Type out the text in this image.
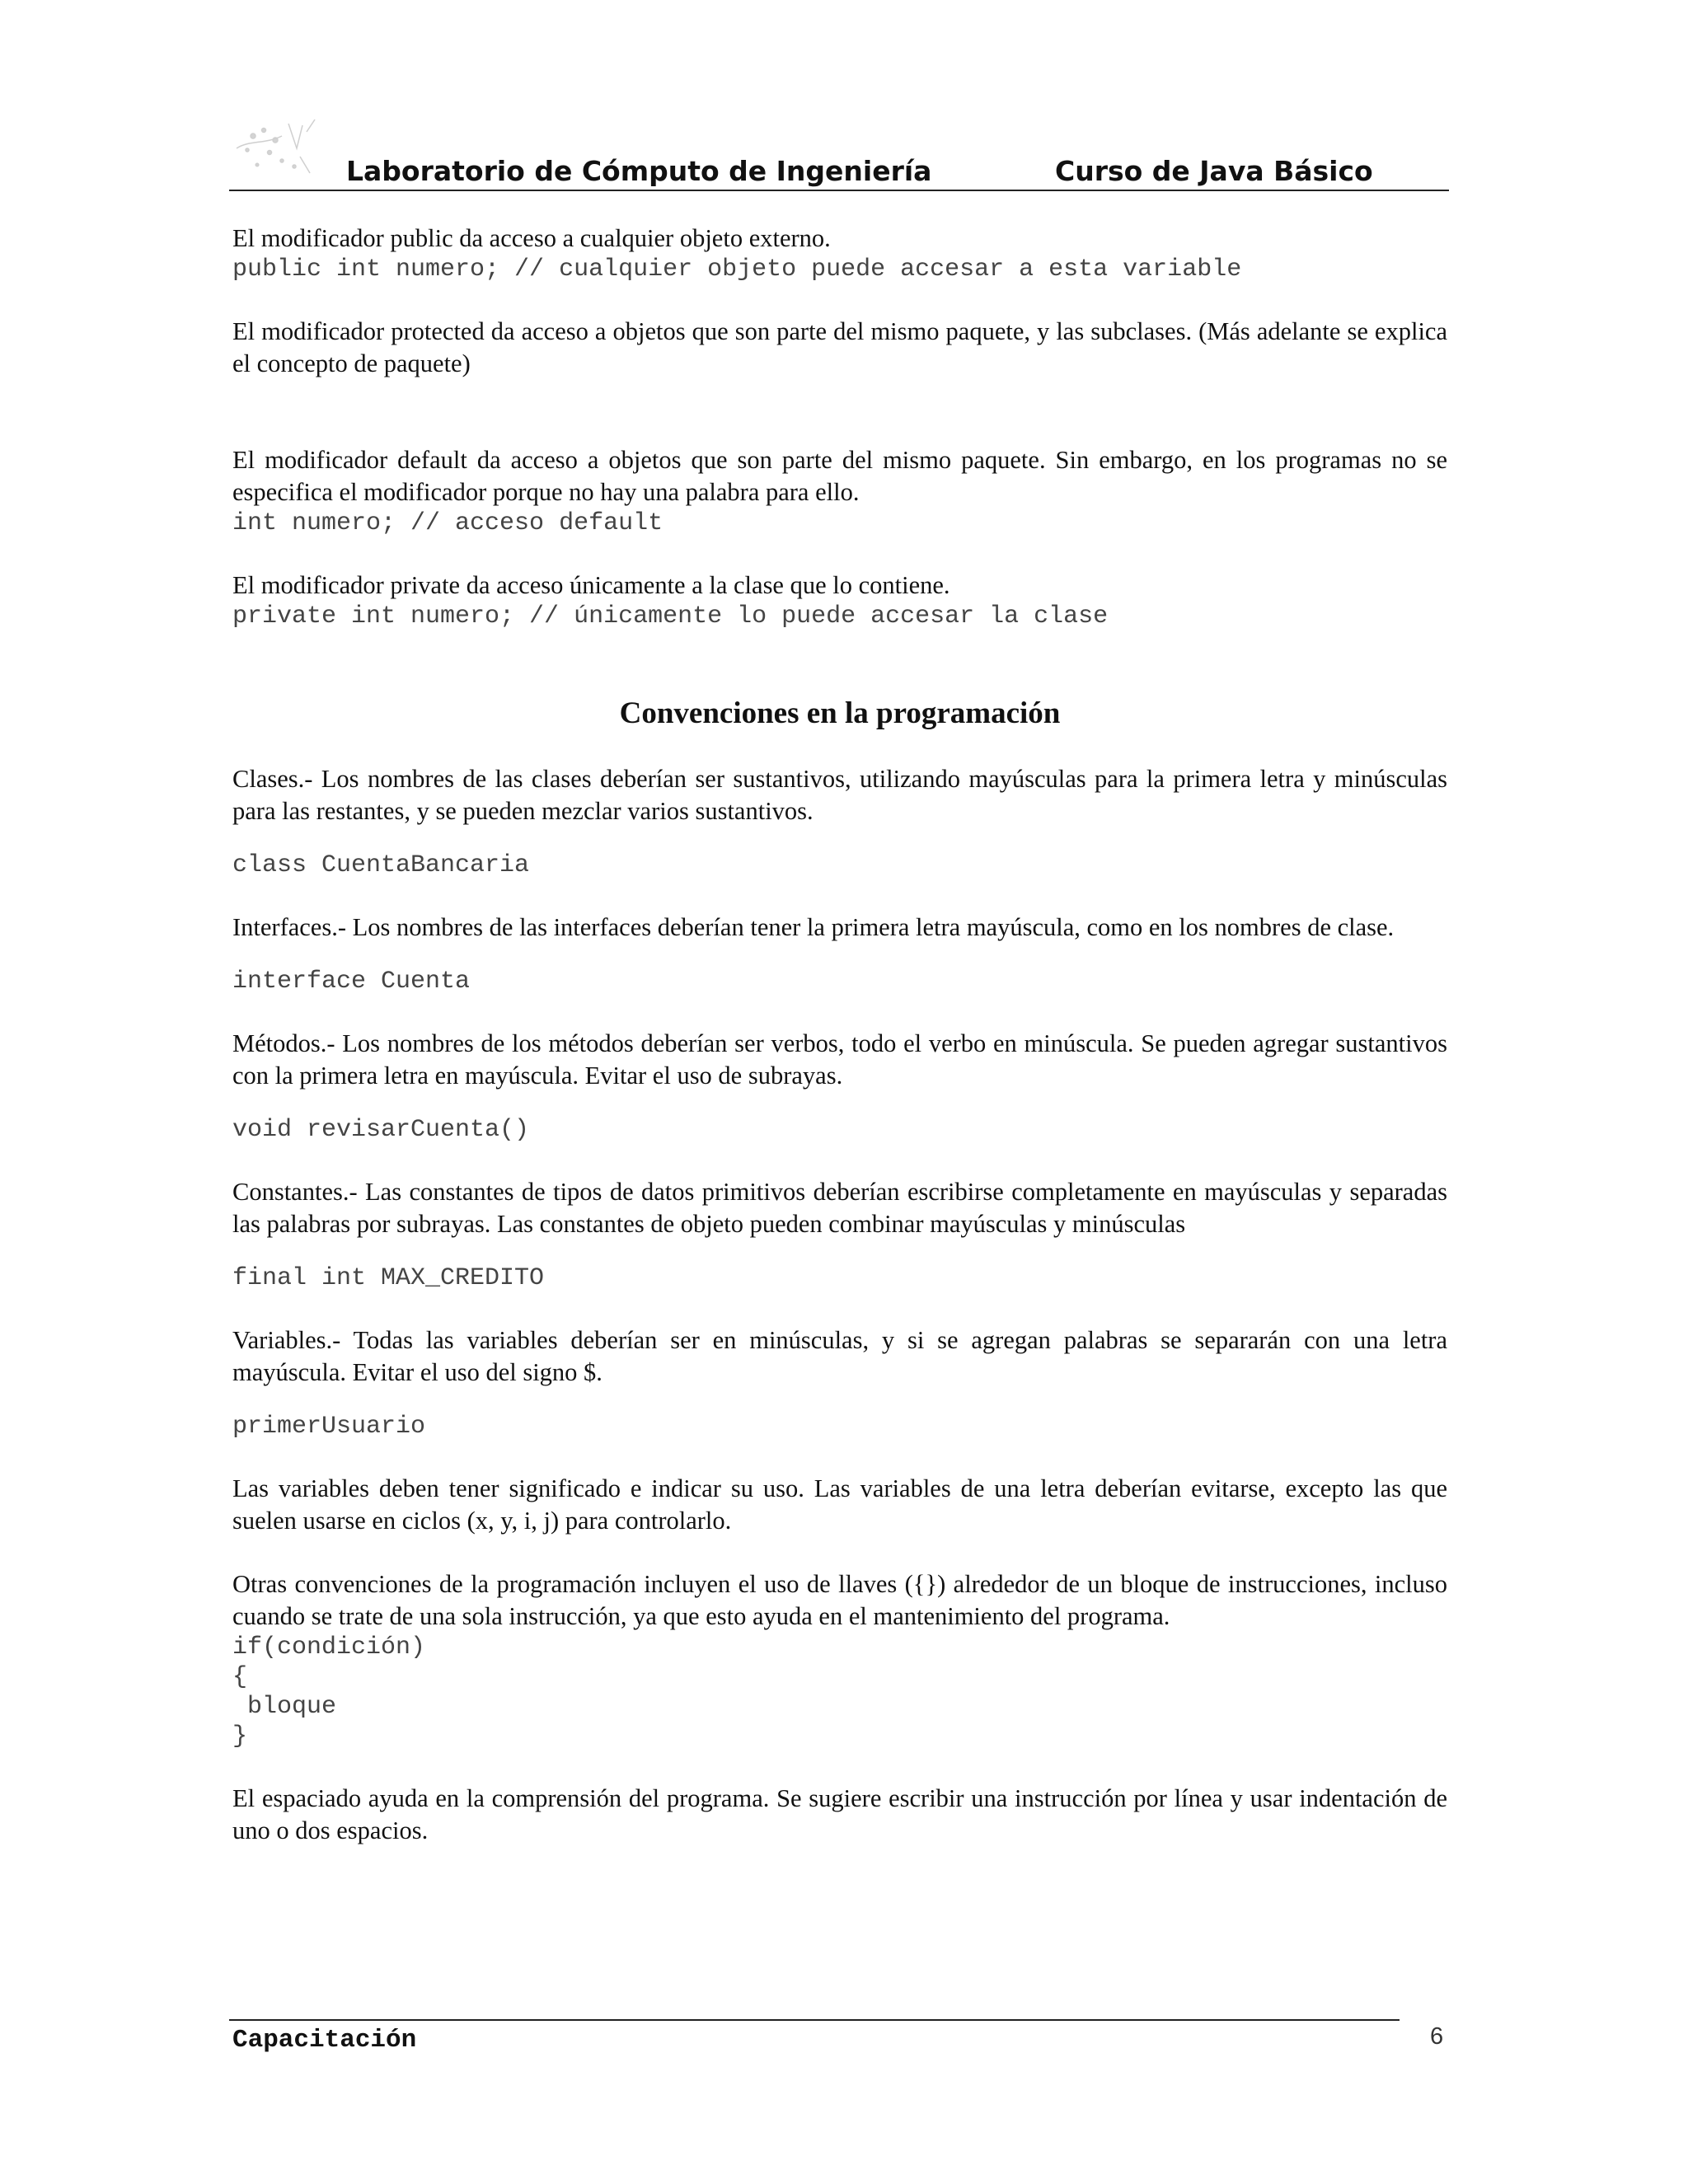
Laboratorio de Cómputo de Ingeniería	Curso de Java Básico

El modificador public da acceso a cualquier objeto externo.

public int numero; // cualquier objeto puede accesar a esta variable

El modificador protected da acceso a objetos que son parte del mismo paquete, y las subclases. (Más adelante se explica el concepto de paquete)

El modificador default da acceso a objetos que son parte del mismo paquete. Sin embargo, en los programas no se especifica el modificador porque no hay una palabra para ello.

int numero; // acceso default

El modificador private da acceso únicamente a la clase que lo contiene.

private int numero; // únicamente lo puede accesar la clase
Convenciones en la programación

Clases.- Los nombres de las clases deberían ser sustantivos, utilizando mayúsculas para la primera letra y minúsculas para las restantes, y se pueden mezclar varios sustantivos.

class CuentaBancaria

Interfaces.- Los nombres de las interfaces deberían tener la primera letra mayúscula, como en los nombres de clase.

interface Cuenta

Métodos.- Los nombres de los métodos deberían ser verbos, todo el verbo en minúscula. Se pueden agregar sustantivos con la primera letra en mayúscula. Evitar el uso de subrayas.

void revisarCuenta()

Constantes.- Las constantes de tipos de datos primitivos deberían escribirse completamente en mayúsculas y separadas las palabras por subrayas. Las constantes de objeto pueden combinar mayúsculas y minúsculas

final int MAX_CREDITO

Variables.- Todas las variables deberían ser en minúsculas, y si se agregan palabras se separarán con una letra mayúscula. Evitar el uso del signo $.

primerUsuario

Las variables deben tener significado e indicar su uso. Las variables de una letra deberían evitarse, excepto las que suelen usarse en ciclos (x, y, i, j) para controlarlo.

Otras convenciones de la programación incluyen el uso de llaves ({}) alrededor de un bloque de instrucciones, incluso cuando se trate de una sola instrucción, ya que esto ayuda en el mantenimiento del programa.

if(condición)
{
bloque
}

El espaciado ayuda en la comprensión del programa. Se sugiere escribir una instrucción por línea y usar indentación de uno o dos espacios.

Capacitación	6
